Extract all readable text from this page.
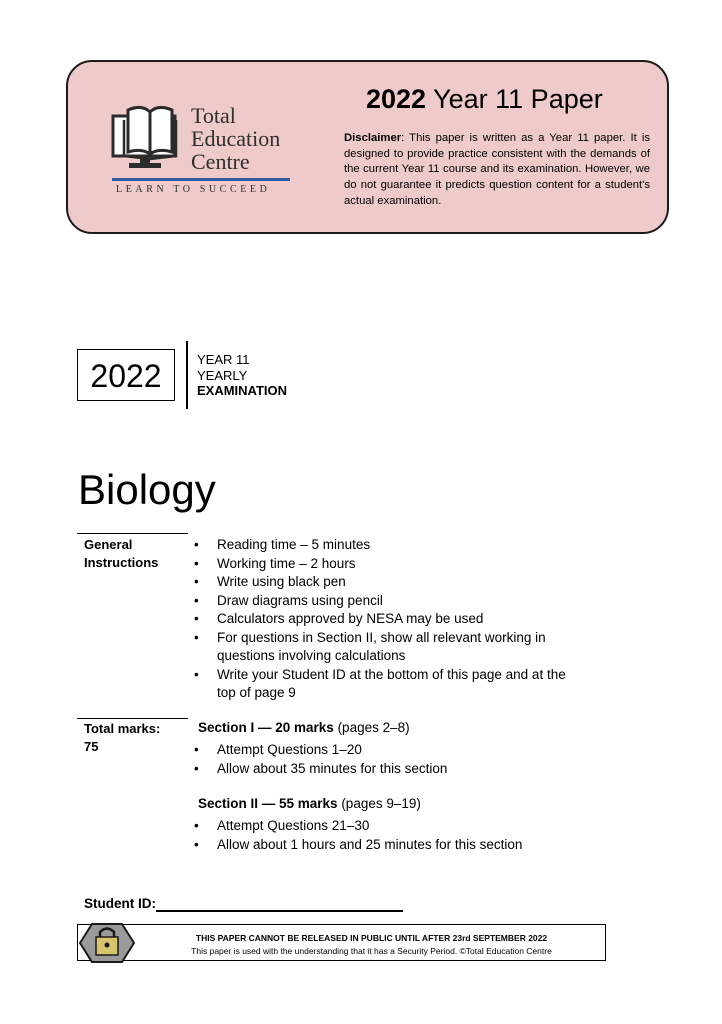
Total
Education
Centre
LEARN TO SUCCEED
2022 Year 11 Paper
Disclaimer: This paper is written as a Year 11 paper. It is designed to provide practice consistent with the demands of the current Year 11 course and its examination. However, we do not guarantee it predicts question content for a student's actual examination.
2022	YEAR 11
YEARLY
EXAMINATION
Biology
General
Instructions
• Reading time – 5 minutes
• Working time – 2 hours
• Write using black pen
• Draw diagrams using pencil
• Calculators approved by NESA may be used
• For questions in Section II, show all relevant working in questions involving calculations
• Write your Student ID at the bottom of this page and at the top of page 9
Total marks:
75
Section I — 20 marks (pages 2–8)
• Attempt Questions 1–20
• Allow about 35 minutes for this section
Section II — 55 marks (pages 9–19)
• Attempt Questions 21–30
• Allow about 1 hours and 25 minutes for this section
Student ID:
THIS PAPER CANNOT BE RELEASED IN PUBLIC UNTIL AFTER 23rd SEPTEMBER 2022
This paper is used with the understanding that it has a Security Period. ©Total Education Centre
